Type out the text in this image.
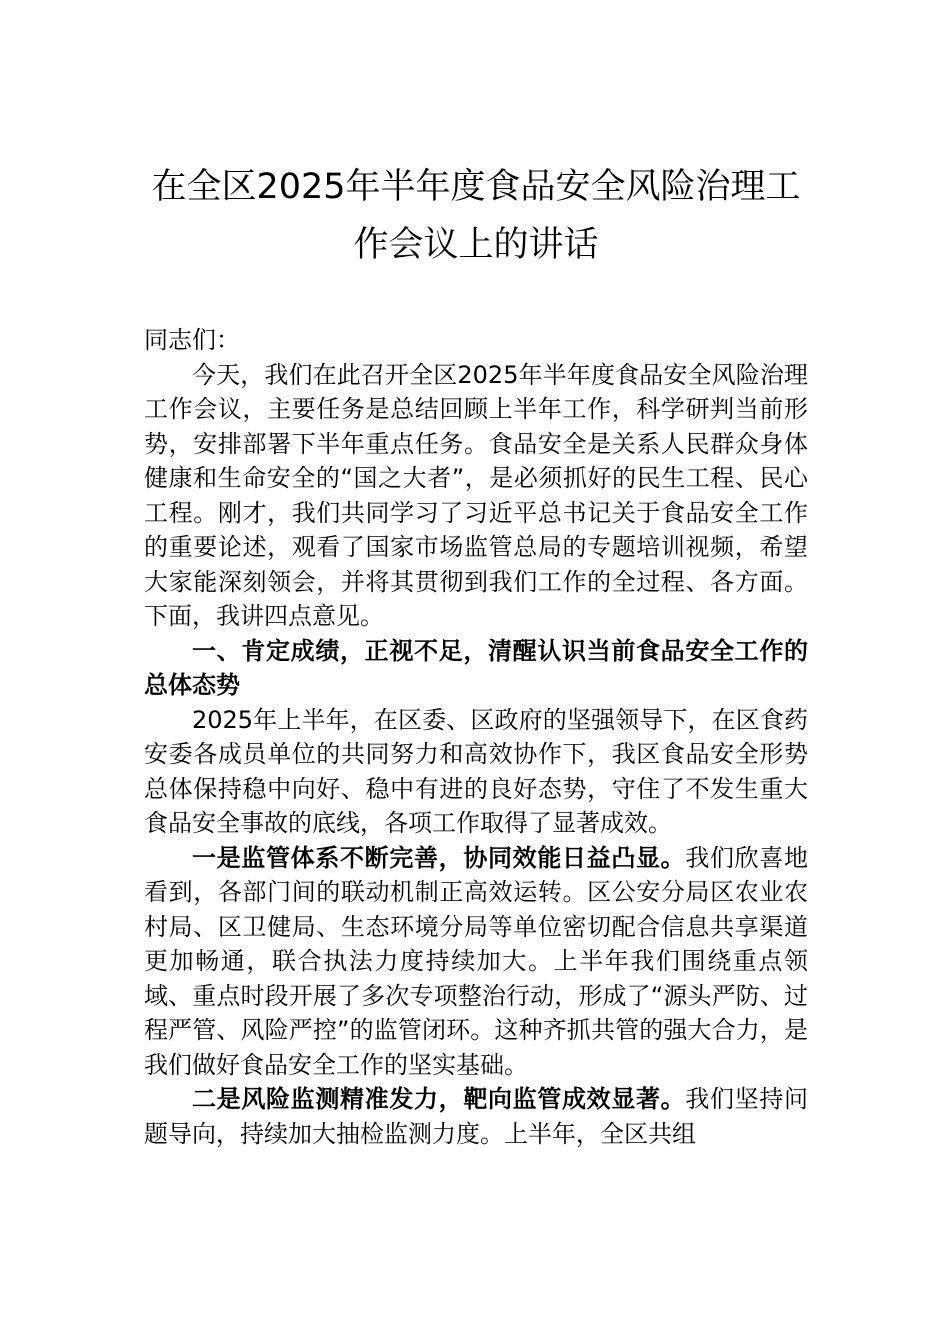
在全区2025年半年度食品安全风险治理工作会议上的讲话

同志们：

今天，我们在此召开全区2025年半年度食品安全风险治理工作会议，主要任务是总结回顾上半年工作，科学研判当前形势，安排部署下半年重点任务。食品安全是关系人民群众身体健康和生命安全的“国之大者”，是必须抓好的民生工程、民心工程。刚才，我们共同学习了习近平总书记关于食品安全工作的重要论述，观看了国家市场监管总局的专题培训视频，希望大家能深刻领会，并将其贯彻到我们工作的全过程、各方面。下面，我讲四点意见。

一、肯定成绩，正视不足，清醒认识当前食品安全工作的总体态势

2025年上半年，在区委、区政府的坚强领导下，在区食药安委各成员单位的共同努力和高效协作下，我区食品安全形势总体保持稳中向好、稳中有进的良好态势，守住了不发生重大食品安全事故的底线，各项工作取得了显著成效。

一是监管体系不断完善，协同效能日益凸显。我们欣喜地看到，各部门间的联动机制正高效运转。区公安分局区农业农村局、区卫健局、生态环境分局等单位密切配合信息共享渠道更加畅通，联合执法力度持续加大。上半年我们围绕重点领域、重点时段开展了多次专项整治行动，形成了“源头严防、过程严管、风险严控”的监管闭环。这种齐抓共管的强大合力，是我们做好食品安全工作的坚实基础。

二是风险监测精准发力，靶向监管成效显著。我们坚持问题导向，持续加大抽检监测力度。上半年，全区共组
